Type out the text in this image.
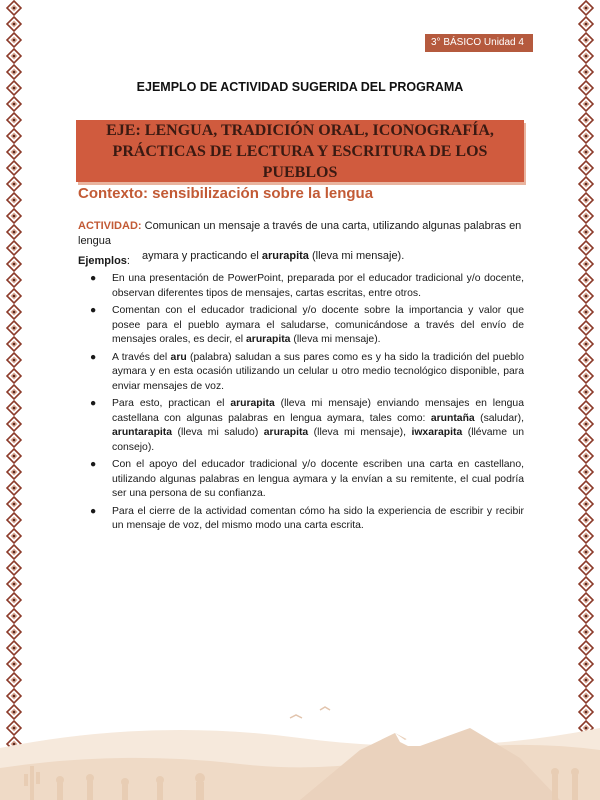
3° BÁSICO Unidad 4
EJEMPLO DE ACTIVIDAD SUGERIDA DEL PROGRAMA
EJE: LENGUA, TRADICIÓN ORAL, ICONOGRAFÍA,
PRÁCTICAS DE LECTURA Y ESCRITURA DE LOS PUEBLOS
Contexto: sensibilización sobre la lengua
ACTIVIDAD: Comunican un mensaje a través de una carta, utilizando algunas palabras en lengua
aymara y practicando el arurapita (lleva mi mensaje).
Ejemplos:
● En una presentación de PowerPoint, preparada por el educador tradicional y/o docente, observan diferentes tipos de mensajes, cartas escritas, entre otros.
● Comentan con el educador tradicional y/o docente sobre la importancia y valor que posee para el pueblo aymara el saludarse, comunicándose a través del envío de mensajes orales, es decir, el arurapita (lleva mi mensaje).
● A través del aru (palabra) saludan a sus pares como es y ha sido la tradición del pueblo aymara y en esta ocasión utilizando un celular u otro medio tecnológico disponible, para enviar mensajes de voz.
● Para esto, practican el arurapita (lleva mi mensaje) enviando mensajes en lengua castellana con algunas palabras en lengua aymara, tales como: aruntaña (saludar), aruntarapita (lleva mi saludo) arurapita (lleva mi mensaje), iwxarapita (llévame un consejo).
● Con el apoyo del educador tradicional y/o docente escriben una carta en castellano, utilizando algunas palabras en lengua aymara y la envían a su remitente, el cual podría ser una persona de su confianza.
● Para el cierre de la actividad comentan cómo ha sido la experiencia de escribir y recibir un mensaje de voz, del mismo modo una carta escrita.
